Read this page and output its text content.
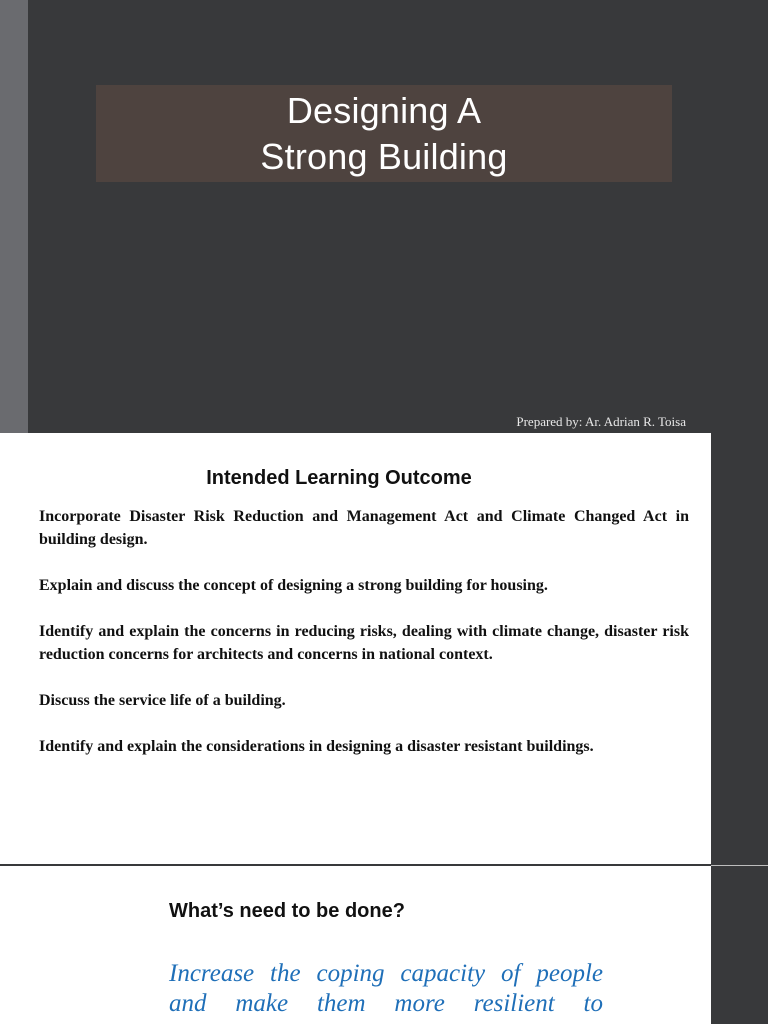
Designing A
Strong Building
Prepared by: Ar. Adrian R. Toisa
Intended Learning Outcome

Incorporate Disaster Risk Reduction and Management Act and Climate Changed Act in building design.

Explain and discuss the concept of designing a strong building for housing.

Identify and explain the concerns in reducing risks, dealing with climate change, disaster risk reduction concerns for architects and concerns in national context.

Discuss the service life of a building.

Identify and explain the considerations in designing a disaster resistant buildings.

What’s need to be done?
Increase the coping capacity of people
and make them more resilient to
